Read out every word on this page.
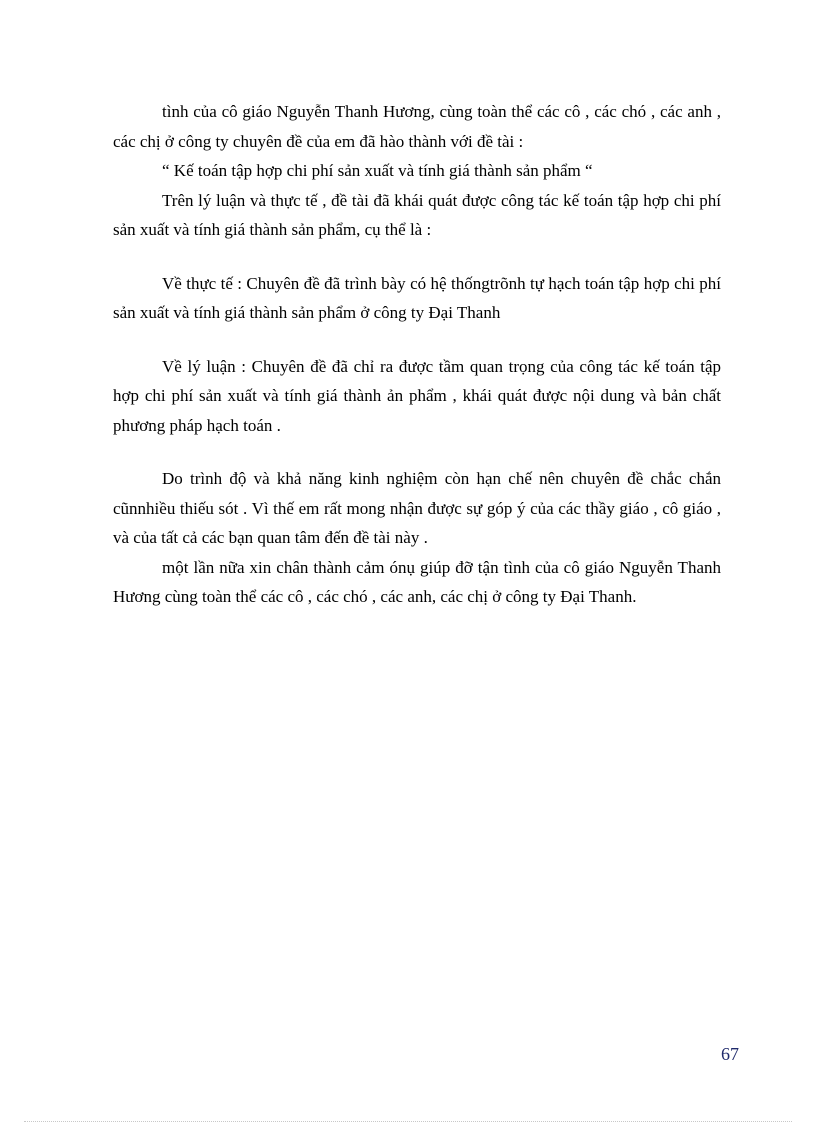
tình của cô giáo Nguyễn Thanh Hương, cùng toàn thể các cô , các chó , các anh , các chị ở công ty chuyên đề của em đã hào thành với đề tài :

“ Kế toán tập hợp chi phí sản xuất và tính giá thành sản phẩm “

Trên lý luận và thực tế , đề tài đã khái quát được công tác kế toán tập hợp chi phí sản xuất và tính giá thành sản phẩm, cụ thể là :

Về thực tế : Chuyên đề đã trình bày có hệ thốngtrõnh tự hạch toán tập hợp chi phí sản xuất và tính giá thành sản phẩm ở công ty Đại Thanh

Về lý luận : Chuyên đề đã chỉ ra được tầm quan trọng của công tác kế toán tập hợp chi phí sản xuất và tính giá thành ản phẩm , khái quát được nội dung và bản chất phương pháp hạch toán .

Do trình độ và khả năng kinh nghiệm còn hạn chế nên chuyên đề chắc chắn cũnnhiều thiếu sót . Vì thế em rất mong nhận được sự góp ý của các thầy giáo , cô giáo , và của tất cả các bạn quan tâm đến đề tài này .

một lần nữa xin chân thành cảm ónụ giúp đỡ tận tình của cô giáo Nguyễn Thanh Hương cùng toàn thể các cô , các chó , các anh, các chị ở công ty Đại Thanh.

67
